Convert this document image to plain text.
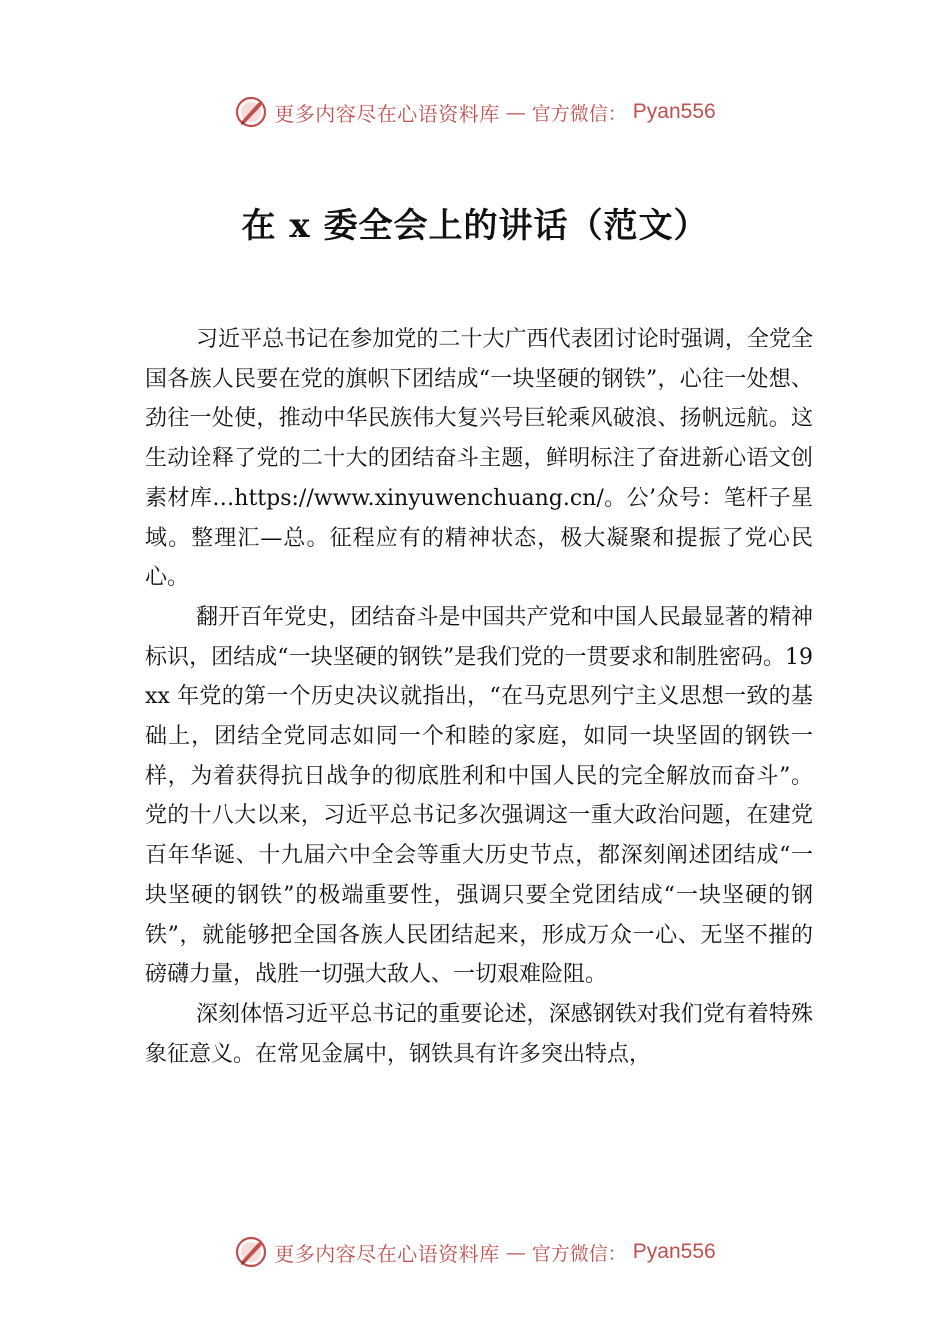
更多内容尽在心语资料库 — 官方微信： Pyan556
在 x 委全会上的讲话（范文）

习近平总书记在参加党的二十大广西代表团讨论时强调，全党全国各族人民要在党的旗帜下团结成“一块坚硬的钢铁”，心往一处想、劲往一处使，推动中华民族伟大复兴号巨轮乘风破浪、扬帆远航。这生动诠释了党的二十大的团结奋斗主题，鲜明标注了奋进新心语文创素材库…https://www.xinyuwenchuang.cn/。公’众号：笔杆子星域。整理汇—总。征程应有的精神状态，极大凝聚和提振了党心民心。

翻开百年党史，团结奋斗是中国共产党和中国人民最显著的精神标识，团结成“一块坚硬的钢铁”是我们党的一贯要求和制胜密码。19xx 年党的第一个历史决议就指出，“在马克思列宁主义思想一致的基础上，团结全党同志如同一个和睦的家庭，如同一块坚固的钢铁一样，为着获得抗日战争的彻底胜利和中国人民的完全解放而奋斗”。党的十八大以来，习近平总书记多次强调这一重大政治问题，在建党百年华诞、十九届六中全会等重大历史节点，都深刻阐述团结成“一块坚硬的钢铁”的极端重要性，强调只要全党团结成“一块坚硬的钢铁”，就能够把全国各族人民团结起来，形成万众一心、无坚不摧的磅礴力量，战胜一切强大敌人、一切艰难险阻。

深刻体悟习近平总书记的重要论述，深感钢铁对我们党有着特殊象征意义。在常见金属中，钢铁具有许多突出特点，

更多内容尽在心语资料库 — 官方微信： Pyan556
